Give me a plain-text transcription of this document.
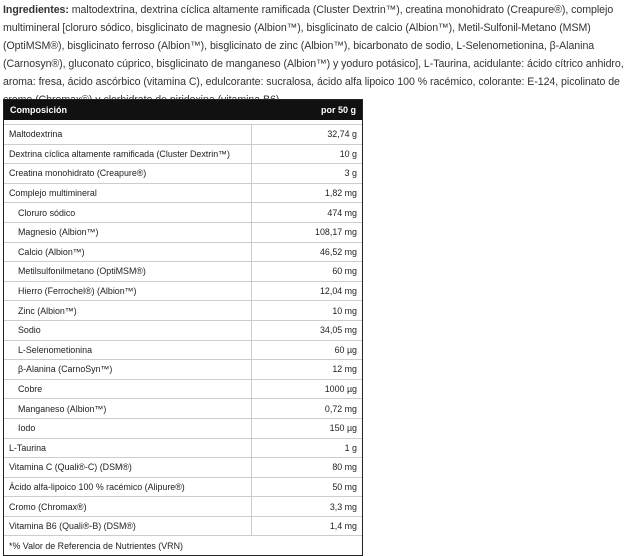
Ingredientes: maltodextrina, dextrina cíclica altamente ramificada (Cluster Dextrin™), creatina monohidrato (Creapure®), complejo multimineral [cloruro sódico, bisglicinato de magnesio (Albion™), bisglicinato de calcio (Albion™), Metil-Sulfonil-Metano (MSM) (OptiMSM®), bisglicinato ferroso (Albion™), bisglicinato de zinc (Albion™), bicarbonato de sodio, L-Selenometionina, β-Alanina (Carnosyn®), gluconato cúprico, bisglicinato de manganeso (Albion™) y yoduro potásico], L-Taurina, acidulante: ácido cítrico anhidro, aroma: fresa, ácido ascórbico (vitamina C), edulcorante: sucralosa, ácido alfa lipoico 100 % racémico, colorante: E-124, picolinato de
Composición	por 50 g

Maltodextrina	32,74 g
Dextrina cíclica altamente ramificada (Cluster Dextrin™)	10 g
Creatina monohidrato (Creapure®)	3 g
Complejo multimineral	1,82 mg
Cloruro sódico	474 mg
Magnesio (Albion™)	108,17 mg
Calcio (Albion™)	46,52 mg
Metilsulfonilmetano (OptiMSM®)	60 mg
Hierro (Ferrochel®) (Albion™)	12,04 mg
Zinc (Albion™)	10 mg
Sodio	34,05 mg
L-Selenometionina	60 µg
β-Alanina (CarnoSyn™)	12 mg
Cobre	1000 µg
Manganeso (Albion™)	0,72 mg
Iodo	150 µg
L-Taurina	1 g
Vitamina C (Quali®-C) (DSM®)	80 mg
Ácido alfa-lipoico 100 % racémico (Alipure®)	50 mg
Cromo (Chromax®)	3,3 mg
Vitamina B6 (Quali®-B) (DSM®)	1,4 mg
*% Valor de Referencia de Nutrientes (VRN)	
